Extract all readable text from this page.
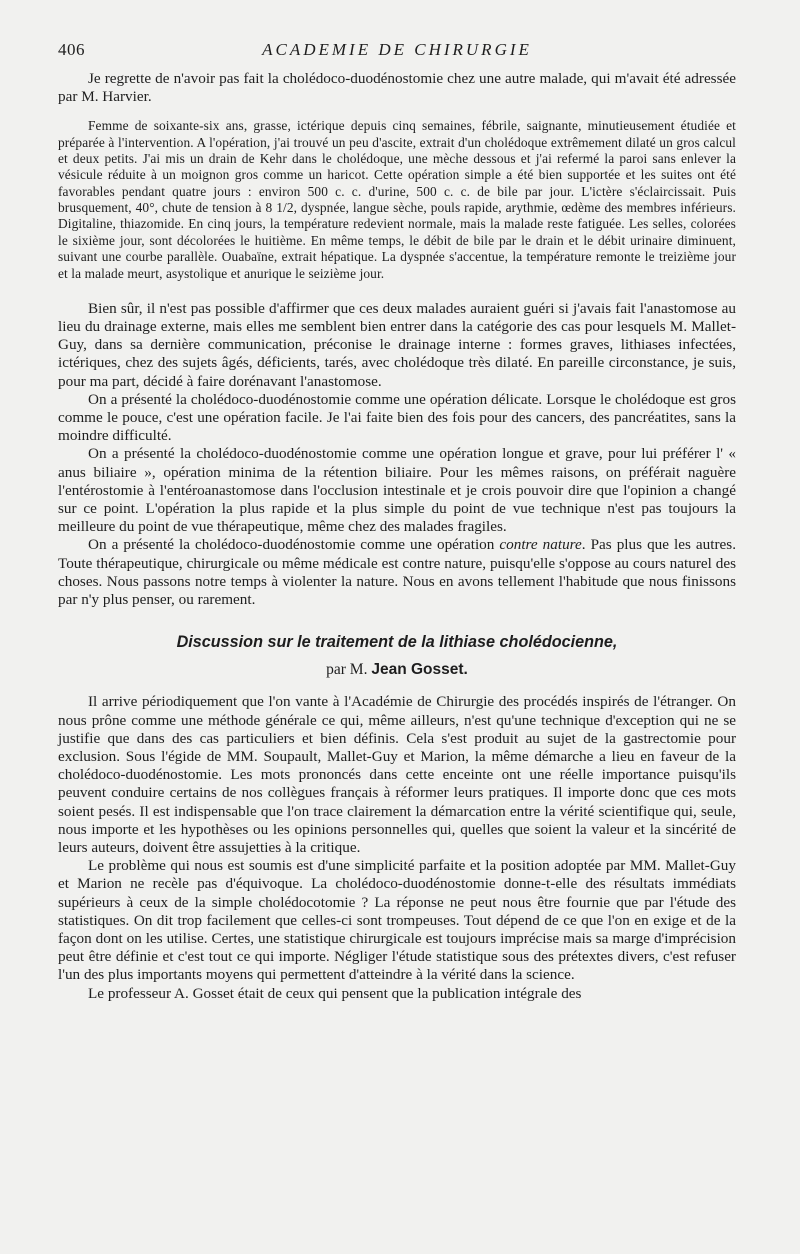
406	ACADEMIE DE CHIRURGIE

Je regrette de n'avoir pas fait la cholédoco-duodénostomie chez une autre malade, qui m'avait été adressée par M. Harvier.

Femme de soixante-six ans, grasse, ictérique depuis cinq semaines, fébrile, saignante, minutieusement étudiée et préparée à l'intervention. A l'opération, j'ai trouvé un peu d'ascite, extrait d'un cholédoque extrêmement dilaté un gros calcul et deux petits. J'ai mis un drain de Kehr dans le cholédoque, une mèche dessous et j'ai refermé la paroi sans enlever la vésicule réduite à un moignon gros comme un haricot. Cette opération simple a été bien supportée et les suites ont été favorables pendant quatre jours : environ 500 c. c. d'urine, 500 c. c. de bile par jour. L'ictère s'éclaircissait. Puis brusquement, 40°, chute de tension à 8 1/2, dyspnée, langue sèche, pouls rapide, arythmie, œdème des membres inférieurs. Digitaline, thiazomide. En cinq jours, la température redevient normale, mais la malade reste fatiguée. Les selles, colorées le sixième jour, sont décolorées le huitième. En même temps, le débit de bile par le drain et le débit urinaire diminuent, suivant une courbe parallèle. Ouabaïne, extrait hépatique. La dyspnée s'accentue, la température remonte le treizième jour et la malade meurt, asystolique et anurique le seizième jour.

Bien sûr, il n'est pas possible d'affirmer que ces deux malades auraient guéri si j'avais fait l'anastomose au lieu du drainage externe, mais elles me semblent bien entrer dans la catégorie des cas pour lesquels M. Mallet-Guy, dans sa dernière communication, préconise le drainage interne : formes graves, lithiases infectées, ictériques, chez des sujets âgés, déficients, tarés, avec cholédoque très dilaté. En pareille circonstance, je suis, pour ma part, décidé à faire dorénavant l'anastomose.

On a présenté la cholédoco-duodénostomie comme une opération délicate. Lorsque le cholédoque est gros comme le pouce, c'est une opération facile. Je l'ai faite bien des fois pour des cancers, des pancréatites, sans la moindre difficulté.

On a présenté la cholédoco-duodénostomie comme une opération longue et grave, pour lui préférer l' « anus biliaire », opération minima de la rétention biliaire. Pour les mêmes raisons, on préférait naguère l'entérostomie à l'entéroanastomose dans l'occlusion intestinale et je crois pouvoir dire que l'opinion a changé sur ce point. L'opération la plus rapide et la plus simple du point de vue technique n'est pas toujours la meilleure du point de vue thérapeutique, même chez des malades fragiles.

On a présenté la cholédoco-duodénostomie comme une opération contre nature. Pas plus que les autres. Toute thérapeutique, chirurgicale ou même médicale est contre nature, puisqu'elle s'oppose au cours naturel des choses. Nous passons notre temps à violenter la nature. Nous en avons tellement l'habitude que nous finissons par n'y plus penser, ou rarement.

Discussion sur le traitement de la lithiase cholédocienne,
par M. Jean Gosset.

Il arrive périodiquement que l'on vante à l'Académie de Chirurgie des procédés inspirés de l'étranger. On nous prône comme une méthode générale ce qui, même ailleurs, n'est qu'une technique d'exception qui ne se justifie que dans des cas particuliers et bien définis. Cela s'est produit au sujet de la gastrectomie pour exclusion. Sous l'égide de MM. Soupault, Mallet-Guy et Marion, la même démarche a lieu en faveur de la cholédoco-duodénostomie. Les mots prononcés dans cette enceinte ont une réelle importance puisqu'ils peuvent conduire certains de nos collègues français à réformer leurs pratiques. Il importe donc que ces mots soient pesés. Il est indispensable que l'on trace clairement la démarcation entre la vérité scientifique qui, seule, nous importe et les hypothèses ou les opinions personnelles qui, quelles que soient la valeur et la sincérité de leurs auteurs, doivent être assujetties à la critique.

Le problème qui nous est soumis est d'une simplicité parfaite et la position adoptée par MM. Mallet-Guy et Marion ne recèle pas d'équivoque. La cholédoco-duodénostomie donne-t-elle des résultats immédiats supérieurs à ceux de la simple cholédocotomie ? La réponse ne peut nous être fournie que par l'étude des statistiques. On dit trop facilement que celles-ci sont trompeuses. Tout dépend de ce que l'on en exige et de la façon dont on les utilise. Certes, une statistique chirurgicale est toujours imprécise mais sa marge d'imprécision peut être définie et c'est tout ce qui importe. Négliger l'étude statistique sous des prétextes divers, c'est refuser l'un des plus importants moyens qui permettent d'atteindre à la vérité dans la science.

Le professeur A. Gosset était de ceux qui pensent que la publication intégrale des
